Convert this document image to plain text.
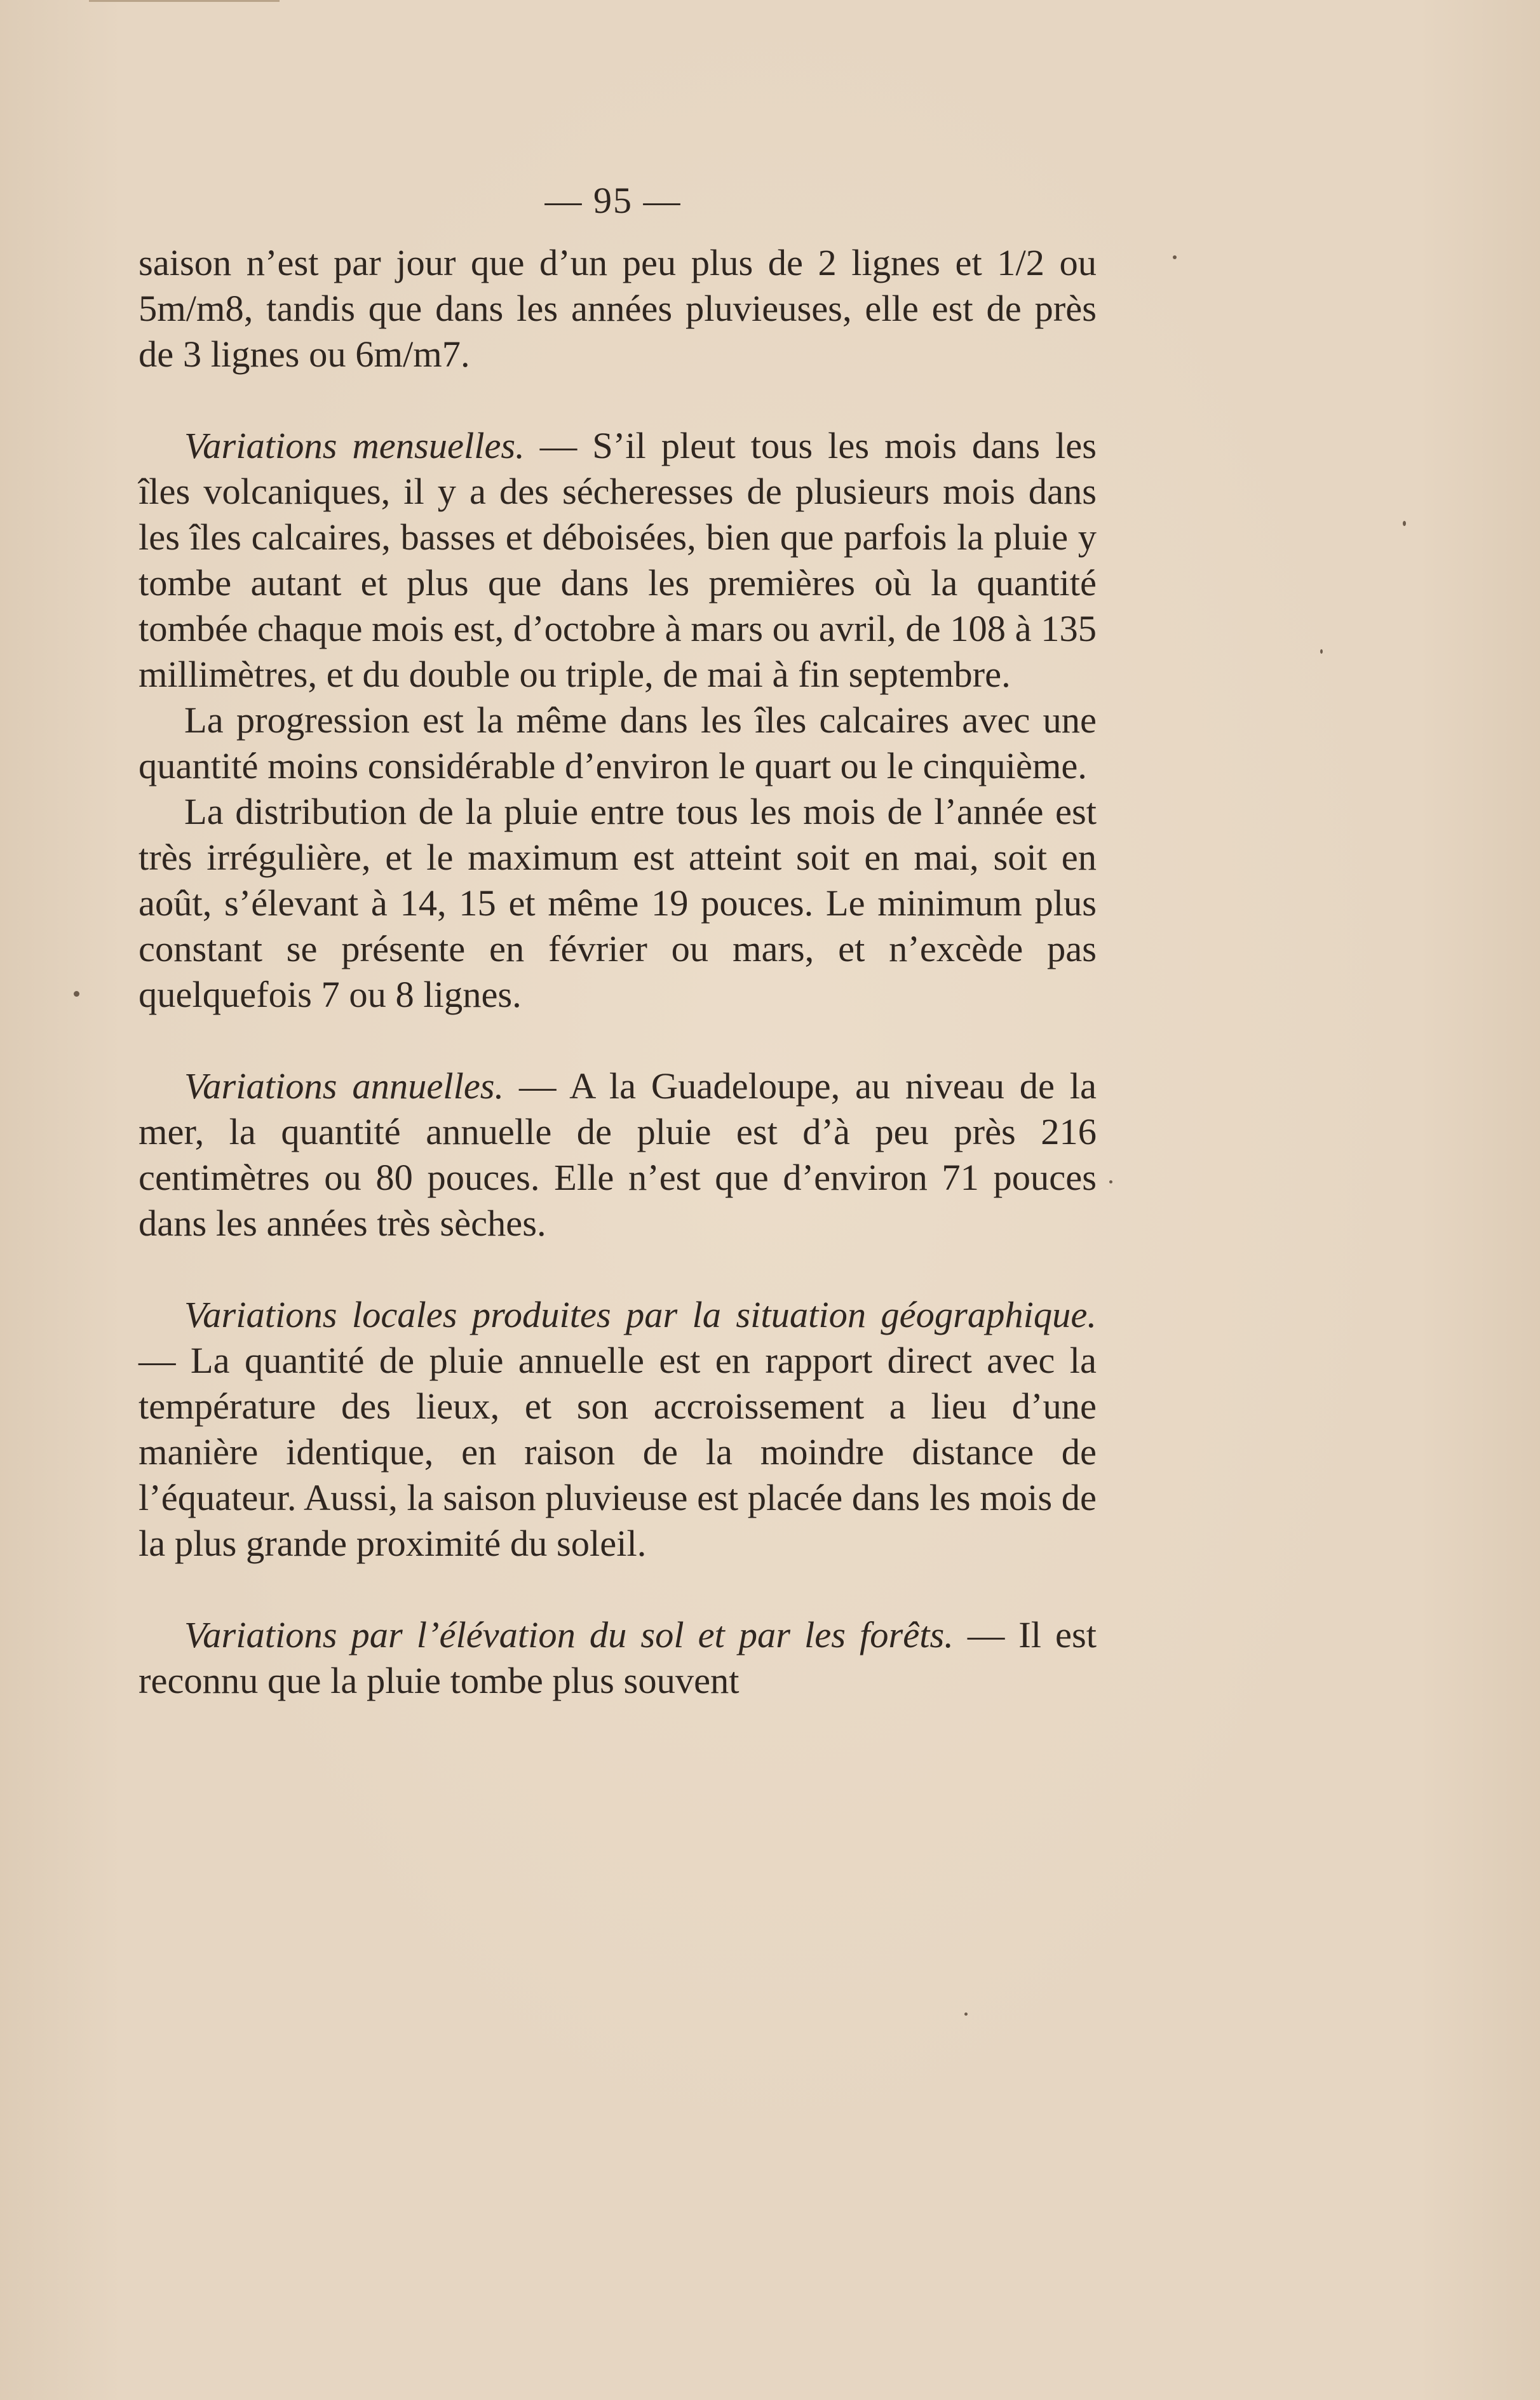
— 95 —

saison n’est par jour que d’un peu plus de 2 lignes et 1/2 ou 5m/m8, tandis que dans les années pluvieuses, elle est de près de 3 lignes ou 6m/m7.

Variations mensuelles. — S’il pleut tous les mois dans les îles volcaniques, il y a des sécheresses de plusieurs mois dans les îles calcaires, basses et déboisées, bien que parfois la pluie y tombe autant et plus que dans les premières où la quantité tombée chaque mois est, d’octobre à mars ou avril, de 108 à 135 millimètres, et du double ou triple, de mai à fin septembre.

La progression est la même dans les îles calcaires avec une quantité moins considérable d’environ le quart ou le cinquième.

La distribution de la pluie entre tous les mois de l’année est très irrégulière, et le maximum est atteint soit en mai, soit en août, s’élevant à 14, 15 et même 19 pouces. Le minimum plus constant se présente en février ou mars, et n’excède pas quelquefois 7 ou 8 lignes.

Variations annuelles. — A la Guadeloupe, au niveau de la mer, la quantité annuelle de pluie est d’à peu près 216 centimètres ou 80 pouces. Elle n’est que d’environ 71 pouces dans les années très sèches.

Variations locales produites par la situation géographique. — La quantité de pluie annuelle est en rapport direct avec la température des lieux, et son accroissement a lieu d’une manière identique, en raison de la moindre distance de l’équateur. Aussi, la saison pluvieuse est placée dans les mois de la plus grande proximité du soleil.

Variations par l’élévation du sol et par les forêts. — Il est reconnu que la pluie tombe plus souvent
